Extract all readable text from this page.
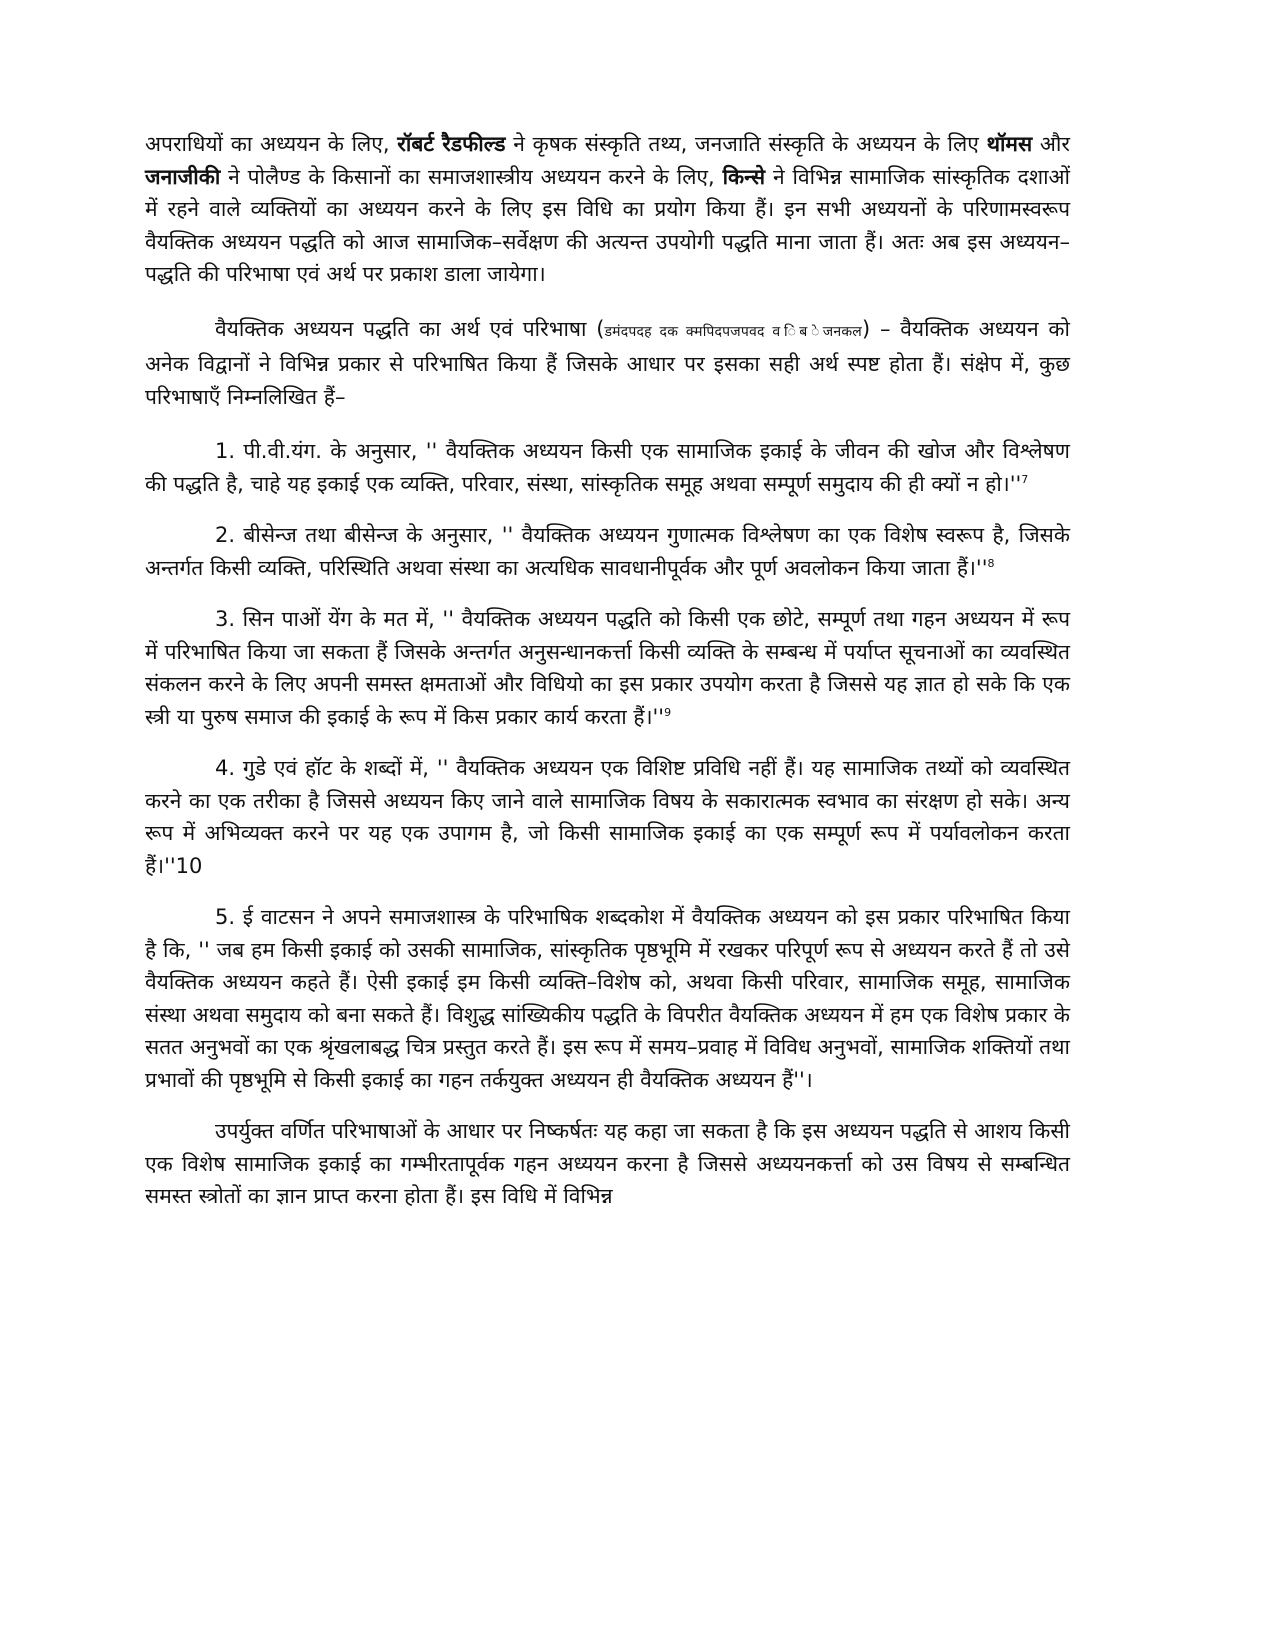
अपराधियों का अध्ययन के लिए, रॉबर्ट रैडफील्ड ने कृषक संस्कृति तथ्य, जनजाति संस्कृति के अध्ययन के लिए थॉमस और जनाजीकी ने पोलैण्ड के किसानों का समाजशास्त्रीय अध्ययन करने के लिए, किन्से ने विभिन्न सामाजिक सांस्कृतिक दशाओं में रहने वाले व्यक्तियों का अध्ययन करने के लिए इस विधि का प्रयोग किया हैं। इन सभी अध्ययनों के परिणामस्वरूप वैयक्तिक अध्ययन पद्धति को आज सामाजिक–सर्वेक्षण की अत्यन्त उपयोगी पद्धति माना जाता हैं। अतः अब इस अध्ययन–पद्धति की परिभाषा एवं अर्थ पर प्रकाश डाला जायेगा।

वैयक्तिक अध्ययन पद्धति का अर्थ एवं परिभाषा (डमंदपदह दक क्मपिदपजपवद व िंब ेजनकल) – वैयक्तिक अध्ययन को अनेक विद्वानों ने विभिन्न प्रकार से परिभाषित किया हैं जिसके आधार पर इसका सही अर्थ स्पष्ट होता हैं। संक्षेप में, कुछ परिभाषाएँ निम्नलिखित हैं–

1. पी.वी.यंग. के अनुसार, '' वैयक्तिक अध्ययन किसी एक सामाजिक इकाई के जीवन की खोज और विश्लेषण की पद्धति है, चाहे यह इकाई एक व्यक्ति, परिवार, संस्था, सांस्कृतिक समूह अथवा सम्पूर्ण समुदाय की ही क्यों न $हो।''^7$

2. बीसेन्ज तथा बीसेन्ज के अनुसार, '' वैयक्तिक अध्ययन गुणात्मक विश्लेषण का एक विशेष स्वरूप है, जिसके अन्तर्गत किसी व्यक्ति, परिस्थिति अथवा संस्था का अत्यधिक सावधानीपूर्वक और पूर्ण अवलोकन किया जाता $हैं।''^8$

3. सिन पाओं येंग के मत में, '' वैयक्तिक अध्ययन पद्धति को किसी एक छोटे, सम्पूर्ण तथा गहन अध्ययन में रूप में परिभाषित किया जा सकता हैं जिसके अन्तर्गत अनुसन्धानकर्त्ता किसी व्यक्ति के सम्बन्ध में पर्याप्त सूचनाओं का व्यवस्थित संकलन करने के लिए अपनी समस्त क्षमताओं और विधियो का इस प्रकार उपयोग करता है जिससे यह ज्ञात हो सके कि एक स्त्री या पुरुष समाज की इकाई के रूप में किस प्रकार कार्य करता $हैं।''^9$

4. गुडे एवं हॉट के शब्दों में, '' वैयक्तिक अध्ययन एक विशिष्ट प्रविधि नहीं हैं। यह सामाजिक तथ्यों को व्यवस्थित करने का एक तरीका है जिससे अध्ययन किए जाने वाले सामाजिक विषय के सकारात्मक स्वभाव का संरक्षण हो सके। अन्य रूप में अभिव्यक्त करने पर यह एक उपागम है, जो किसी सामाजिक इकाई का एक सम्पूर्ण रूप में पर्यावलोकन करता हैं।''10

5. ई वाटसन ने अपने समाजशास्त्र के परिभाषिक शब्दकोश में वैयक्तिक अध्ययन को इस प्रकार परिभाषित किया है कि, '' जब हम किसी इकाई को उसकी सामाजिक, सांस्कृतिक पृष्ठभूमि में रखकर परिपूर्ण रूप से अध्ययन करते हैं तो उसे वैयक्तिक अध्ययन कहते हैं। ऐसी इकाई इम किसी व्यक्ति–विशेष को, अथवा किसी परिवार, सामाजिक समूह, सामाजिक संस्था अथवा समुदाय को बना सकते हैं। विशुद्ध सांख्यिकीय पद्धति के विपरीत वैयक्तिक अध्ययन में हम एक विशेष प्रकार के सतत अनुभवों का एक श्रृंखलाबद्ध चित्र प्रस्तुत करते हैं। इस रूप में समय–प्रवाह में विविध अनुभवों, सामाजिक शक्तियों तथा प्रभावों की पृष्ठभूमि से किसी इकाई का गहन तर्कयुक्त अध्ययन ही वैयक्तिक अध्ययन हैं''।

उपर्युक्त वर्णित परिभाषाओं के आधार पर निष्कर्षतः यह कहा जा सकता है कि इस अध्ययन पद्धति से आशय किसी एक विशेष सामाजिक इकाई का गम्भीरतापूर्वक गहन अध्ययन करना है जिससे अध्ययनकर्त्ता को उस विषय से सम्बन्धित समस्त स्त्रोतों का ज्ञान प्राप्त करना होता हैं। इस विधि में विभिन्न
